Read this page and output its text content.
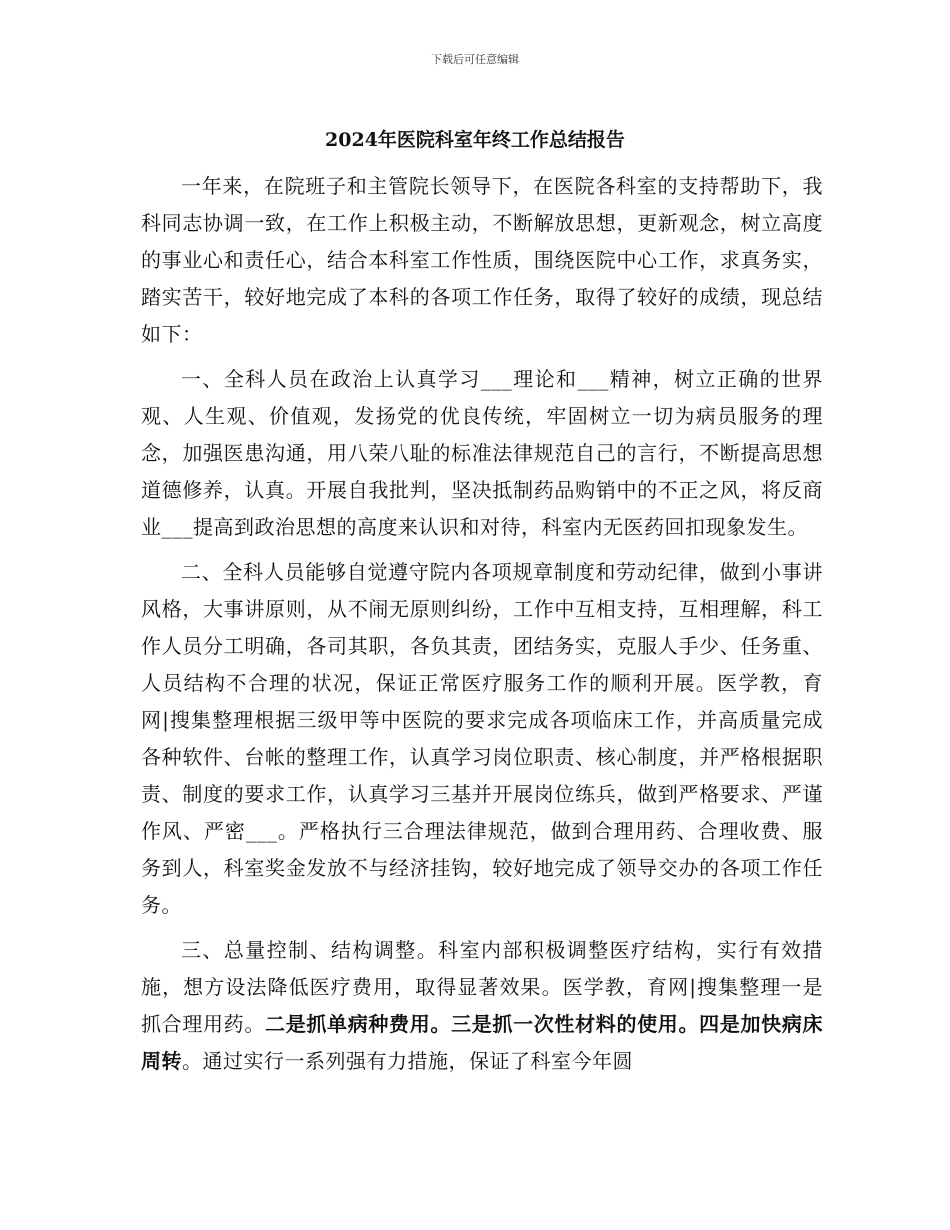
下载后可任意编辑
2024年医院科室年终工作总结报告

一年来，在院班子和主管院长领导下，在医院各科室的支持帮助下，我科同志协调一致，在工作上积极主动，不断解放思想，更新观念，树立高度的事业心和责任心，结合本科室工作性质，围绕医院中心工作，求真务实，踏实苦干，较好地完成了本科的各项工作任务，取得了较好的成绩，现总结如下：

一、全科人员在政治上认真学习___理论和___精神，树立正确的世界观、人生观、价值观，发扬党的优良传统，牢固树立一切为病员服务的理念，加强医患沟通，用八荣八耻的标准法律规范自己的言行，不断提高思想道德修养，认真。开展自我批判，坚决抵制药品购销中的不正之风，将反商业___提高到政治思想的高度来认识和对待，科室内无医药回扣现象发生。

二、全科人员能够自觉遵守院内各项规章制度和劳动纪律，做到小事讲风格，大事讲原则，从不闹无原则纠纷，工作中互相支持，互相理解，科工作人员分工明确，各司其职，各负其责，团结务实，克服人手少、任务重、人员结构不合理的状况，保证正常医疗服务工作的顺利开展。医学教，育网|搜集整理根据三级甲等中医院的要求完成各项临床工作，并高质量完成各种软件、台帐的整理工作，认真学习岗位职责、核心制度，并严格根据职责、制度的要求工作，认真学习三基并开展岗位练兵，做到严格要求、严谨作风、严密___。严格执行三合理法律规范，做到合理用药、合理收费、服务到人，科室奖金发放不与经济挂钩，较好地完成了领导交办的各项工作任务。

三、总量控制、结构调整。科室内部积极调整医疗结构，实行有效措施，想方设法降低医疗费用，取得显著效果。医学教，育网|搜集整理一是抓合理用药。二是抓单病种费用。三是抓一次性材料的使用。四是加快病床周转。通过实行一系列强有力措施，保证了科室今年圆
